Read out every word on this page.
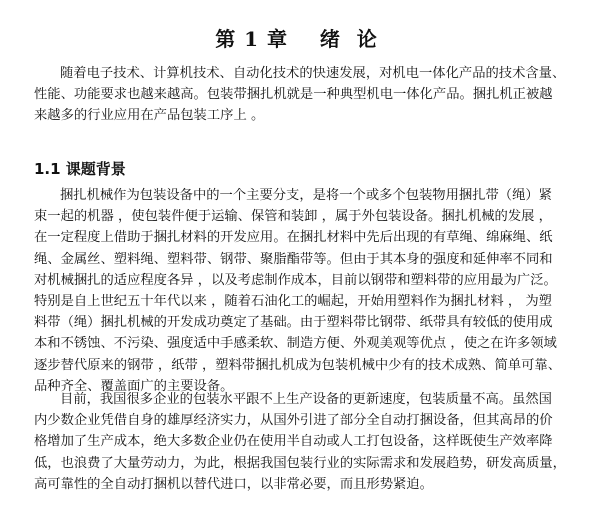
第 1 章    绪  论

随着电子技术、计算机技术、自动化技术的快速发展，对机电一体化产品的技术含量、
性能、功能要求也越来越高。包装带捆扎机就是一种典型机电一体化产品。捆扎机正被越
来越多的行业应用在产品包装工序上 。

1.1 课题背景

捆扎机械作为包装设备中的一个主要分支，是将一个或多个包装物用捆扎带（绳）紧
束一起的机器 ，使包装件便于运输、保管和装卸 ，属于外包装设备。捆扎机械的发展 ，
在一定程度上借助于捆扎材料的开发应用。在捆扎材料中先后出现的有草绳、绵麻绳、纸
绳、金属丝、塑料绳、塑料带、钢带、聚脂酯带等。但由于其本身的强度和延伸率不同和
对机械捆扎的适应程度各异 ，以及考虑制作成本，目前以钢带和塑料带的应用最为广泛。
特别是自上世纪五十年代以来 ，随着石油化工的崛起，开始用塑料作为捆扎材料 ， 为塑
料带（绳）捆扎机械的开发成功奠定了基础。由于塑料带比钢带、纸带具有较低的使用成
本和不锈蚀、不污染、强度适中手感柔软、制造方便、外观美观等优点 ，使之在许多领域
逐步替代原来的钢带 ，纸带 ，塑料带捆扎机成为包装机械中少有的技术成熟、简单可靠、
品种齐全、覆盖面广的主要设备。

目前，我国很多企业的包装水平跟不上生产设备的更新速度，包装质量不高。虽然国
内少数企业凭借自身的雄厚经济实力，从国外引进了部分全自动打捆设备，但其高昂的价
格增加了生产成本，绝大多数企业仍在使用半自动或人工打包设备，这样既使生产效率降
低，也浪费了大量劳动力，为此，根据我国包装行业的实际需求和发展趋势，研发高质量，
高可靠性的全自动打捆机以替代进口，以非常必要，而且形势紧迫。
